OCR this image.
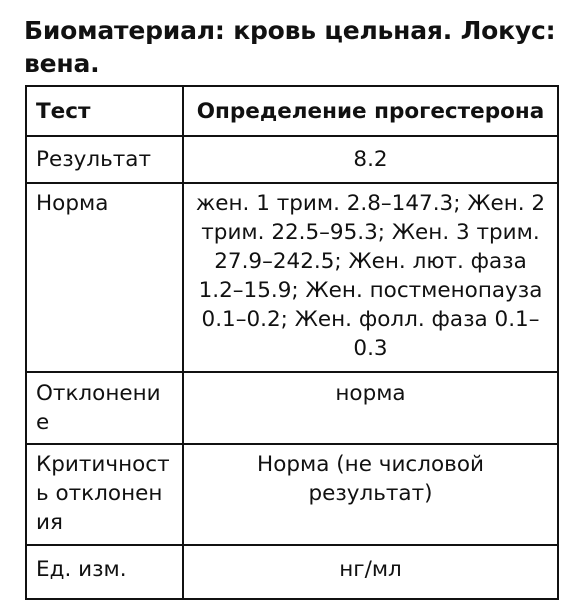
Биоматериал: кровь цельная. Локус: вена.
Тест	Определение прогестерона
Результат	8.2
Норма	жен. 1 трим. 2.8–147.3; Жен. 2 трим. 22.5–95.3; Жен. 3 трим. 27.9–242.5; Жен. лют. фаза 1.2–15.9; Жен. постменопауза 0.1–0.2; Жен. фолл. фаза 0.1–0.3
Отклонение	норма
Критичность отклонения	Норма (не числовой результат)
Ед. изм.	нг/мл
